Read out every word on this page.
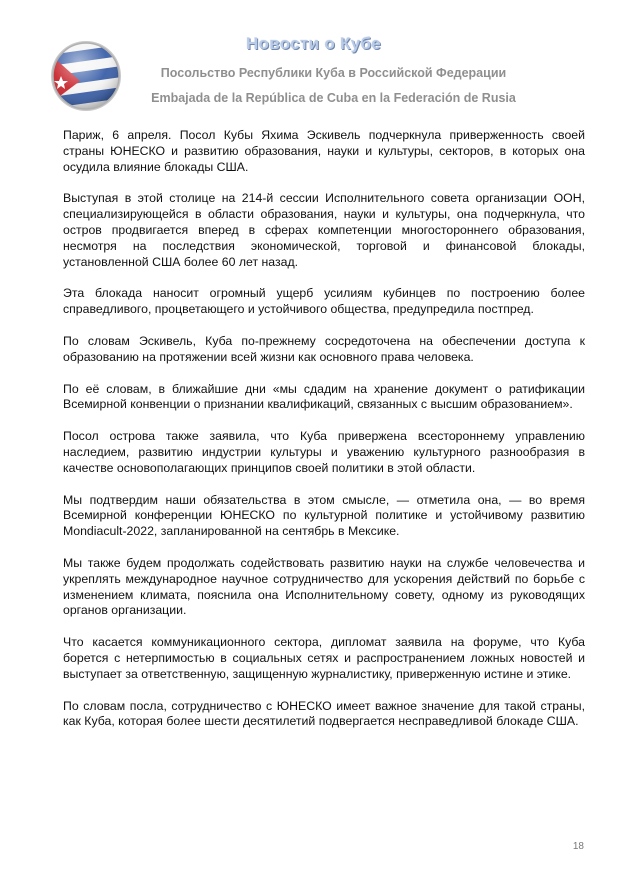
Новости о Кубе
Посольство Республики Куба в Российской Федерации
Embajada de la República de Cuba en la Federación de Rusia

Париж, 6 апреля. Посол Кубы Яхима Эскивель подчеркнула приверженность своей страны ЮНЕСКО и развитию образования, науки и культуры, секторов, в которых она осудила влияние блокады США.

Выступая в этой столице на 214-й сессии Исполнительного совета организации ООН, специализирующейся в области образования, науки и культуры, она подчеркнула, что остров продвигается вперед в сферах компетенции многостороннего образования, несмотря на последствия экономической, торговой и финансовой блокады, установленной США более 60 лет назад.

Эта блокада наносит огромный ущерб усилиям кубинцев по построению более справедливого, процветающего и устойчивого общества, предупредила постпред.

По словам Эскивель, Куба по-прежнему сосредоточена на обеспечении доступа к образованию на протяжении всей жизни как основного права человека.

По её словам, в ближайшие дни «мы сдадим на хранение документ о ратификации Всемирной конвенции о признании квалификаций, связанных с высшим образованием».

Посол острова также заявила, что Куба привержена всестороннему управлению наследием, развитию индустрии культуры и уважению культурного разнообразия в качестве основополагающих принципов своей политики в этой области.

Мы подтвердим наши обязательства в этом смысле, — отметила она, — во время Всемирной конференции ЮНЕСКО по культурной политике и устойчивому развитию Mondiacult-2022, запланированной на сентябрь в Мексике.

Мы также будем продолжать содействовать развитию науки на службе человечества и укреплять международное научное сотрудничество для ускорения действий по борьбе с изменением климата, пояснила она Исполнительному совету, одному из руководящих органов организации.

Что касается коммуникационного сектора, дипломат заявила на форуме, что Куба борется с нетерпимостью в социальных сетях и распространением ложных новостей и выступает за ответственную, защищенную журналистику, приверженную истине и этике.

По словам посла, сотрудничество с ЮНЕСКО имеет важное значение для такой страны, как Куба, которая более шести десятилетий подвергается несправедливой блокаде США.

18
